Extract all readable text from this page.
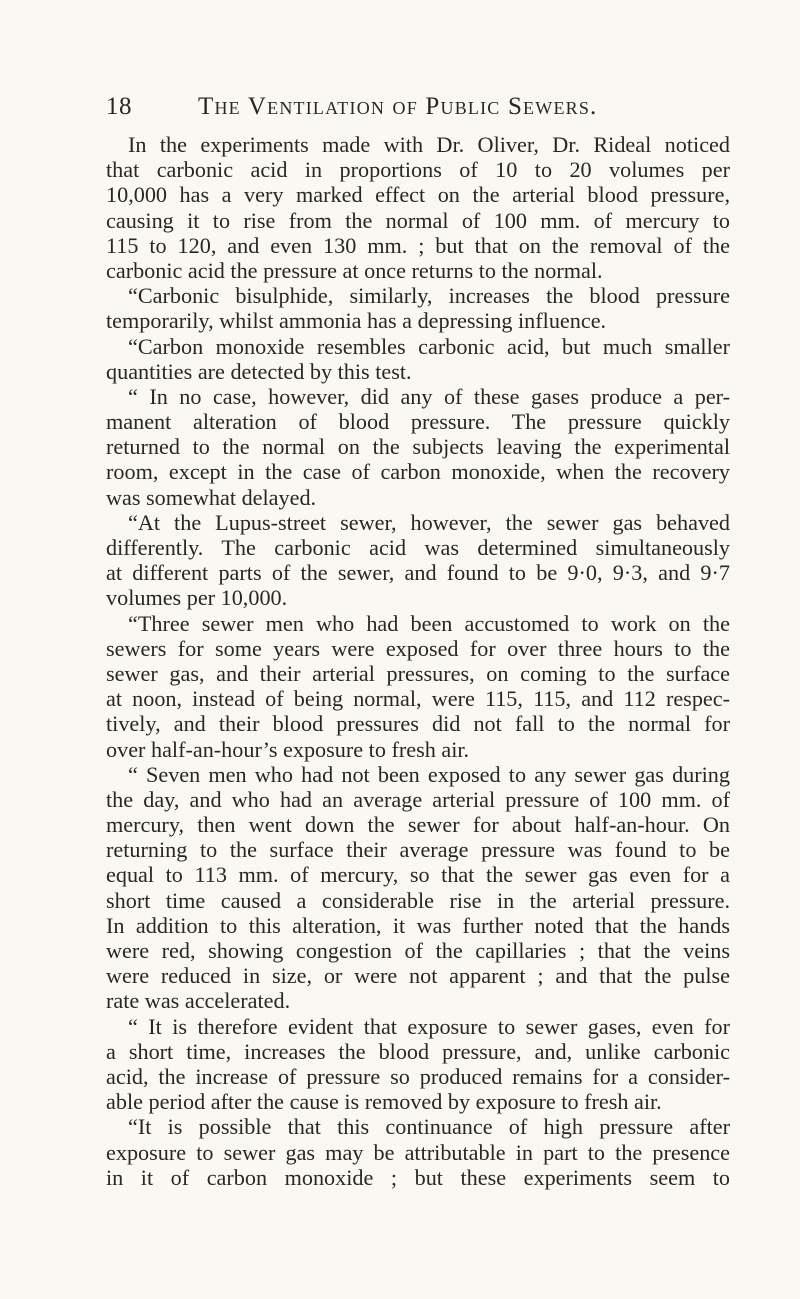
18	The Ventilation of Public Sewers.
In the experiments made with Dr. Oliver, Dr. Rideal noticed
that carbonic acid in proportions of 10 to 20 volumes per
10,000 has a very marked effect on the arterial blood pressure,
causing it to rise from the normal of 100 mm. of mercury to
115 to 120, and even 130 mm. ; but that on the removal of the
carbonic acid the pressure at once returns to the normal.
“Carbonic bisulphide, similarly, increases the blood pressure
temporarily, whilst ammonia has a depressing influence.
“Carbon monoxide resembles carbonic acid, but much smaller
quantities are detected by this test.
“ In no case, however, did any of these gases produce a per-
manent alteration of blood pressure. The pressure quickly
returned to the normal on the subjects leaving the experimental
room, except in the case of carbon monoxide, when the recovery
was somewhat delayed.
“At the Lupus-street sewer, however, the sewer gas behaved
differently. The carbonic acid was determined simultaneously
at different parts of the sewer, and found to be 9·0, 9·3, and 9·7
volumes per 10,000.
“Three sewer men who had been accustomed to work on the
sewers for some years were exposed for over three hours to the
sewer gas, and their arterial pressures, on coming to the surface
at noon, instead of being normal, were 115, 115, and 112 respec-
tively, and their blood pressures did not fall to the normal for
over half-an-hour’s exposure to fresh air.
“ Seven men who had not been exposed to any sewer gas during
the day, and who had an average arterial pressure of 100 mm. of
mercury, then went down the sewer for about half-an-hour. On
returning to the surface their average pressure was found to be
equal to 113 mm. of mercury, so that the sewer gas even for a
short time caused a considerable rise in the arterial pressure.
In addition to this alteration, it was further noted that the hands
were red, showing congestion of the capillaries ; that the veins
were reduced in size, or were not apparent ; and that the pulse
rate was accelerated.
“ It is therefore evident that exposure to sewer gases, even for
a short time, increases the blood pressure, and, unlike carbonic
acid, the increase of pressure so produced remains for a consider-
able period after the cause is removed by exposure to fresh air.
“It is possible that this continuance of high pressure after
exposure to sewer gas may be attributable in part to the presence
in it of carbon monoxide ; but these experiments seem to
